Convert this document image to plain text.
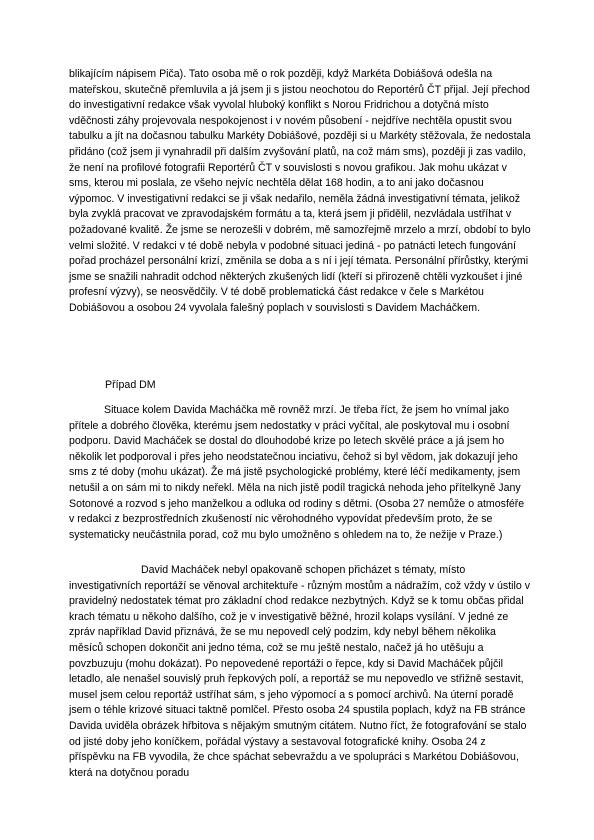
blikajícím nápisem Piča). Tato osoba mě o rok později, když Markéta Dobiášová odešla na mateřskou, skutečně přemluvila a já jsem ji s jistou neochotou do Reportérů ČT přijal. Její přechod do investigativní redakce však vyvolal hluboký konflikt s Norou Fridrichou a dotyčná místo vděčnosti záhy projevovala nespokojenost i v novém působení - nejdříve nechtěla opustit svou tabulku a jít na dočasnou tabulku Markéty Dobiášové, později si u Markéty stěžovala, že nedostala přidáno (což jsem ji vynahradil při dalším zvyšování platů, na což mám sms), později ji zas vadilo, že není na profilové fotografii Reportérů ČT v souvislosti s novou grafikou. Jak mohu ukázat v sms, kterou mi poslala, ze všeho nejvíc nechtěla dělat 168 hodin, a to ani jako dočasnou výpomoc. V investigativní redakci se ji však nedařilo, neměla žádná investigativní témata, jelikož byla zvyklá pracovat ve zpravodajském formátu a ta, která jsem ji přidělil, nezvládala ustříhat v požadované kvalitě. Že jsme se nerozešli v dobrém, mě samozřejmě mrzelo a mrzí, období to bylo velmi složité. V redakci v té době nebyla v podobné situaci jediná - po patnácti letech fungování pořad procházel personální krizí, změnila se doba a s ní i její témata. Personální přírůstky, kterými jsme se snažili nahradit odchod některých zkušených lidí (kteří si přirozeně chtěli vyzkoušet i jiné profesní výzvy), se neosvědčily. V té době problematická část redakce v čele s Markétou Dobiášovou a osobou 24 vyvolala falešný poplach v souvislosti s Davidem Macháčkem.

Případ DM

Situace kolem Davida Macháčka mě rovněž mrzí. Je třeba říct, že jsem ho vnímal jako přítele a dobrého člověka, kterému jsem nedostatky v práci vyčítal, ale poskytoval mu i osobní podporu. David Macháček se dostal do dlouhodobé krize po letech skvělé práce a já jsem ho několik let podporoval i přes jeho neodstatečnou inciativu, čehož si byl vědom, jak dokazují jeho sms z té doby (mohu ukázat). Že má jistě psychologické problémy, které léčí medikamenty, jsem netušil a on sám mi to nikdy neřekl. Měla na nich jistě podíl tragická nehoda jeho přítelkyně Jany Sotonové a rozvod s jeho manželkou a odluka od rodiny s dětmi. (Osoba 27 nemůže o atmosféře v redakci z bezprostředních zkušeností nic věrohodného vypovídat především proto, že se systematicky neučástnila porad, což mu bylo umožněno s ohledem na to, že nežije v Praze.)

David Macháček nebyl opakovaně schopen přicházet s tématy, místo investigativních reportáží se věnoval architektuře - různým mostům a nádražím, což vždy v ústilo v pravidelný nedostatek témat pro základní chod redakce nezbytných. Když se k tomu občas přidal krach tématu u někoho dalšího, což je v investigativě běžné, hrozil kolaps vysílání. V jedné ze zpráv například David přiznává, že se mu nepovedl celý podzim, kdy nebyl během několika měsíců schopen dokončit ani jedno téma, což se mu ještě nestalo, načež já ho utěšuju a povzbuzuju (mohu dokázat). Po nepovedené reportáži o řepce, kdy si David Macháček půjčil letadlo, ale nenašel souvislý pruh řepkových polí, a reportáž se mu nepovedlo ve střižně sestavit, musel jsem celou reportáž ustříhat sám, s jeho výpomocí a s pomocí archivů. Na úterní poradě jsem o téhle krizové situaci taktně pomlčel. Přesto osoba 24 spustila poplach, když na FB stránce Davida uviděla obrázek hřbitova s nějakým smutným citátem. Nutno říct, že fotografování se stalo od jisté doby jeho koníčkem, pořádal výstavy a sestavoval fotografické knihy. Osoba 24 z příspěvku na FB vyvodila, že chce spáchat sebevraždu a ve spolupráci s Markétou Dobiášovou, která na dotyčnou poradu
